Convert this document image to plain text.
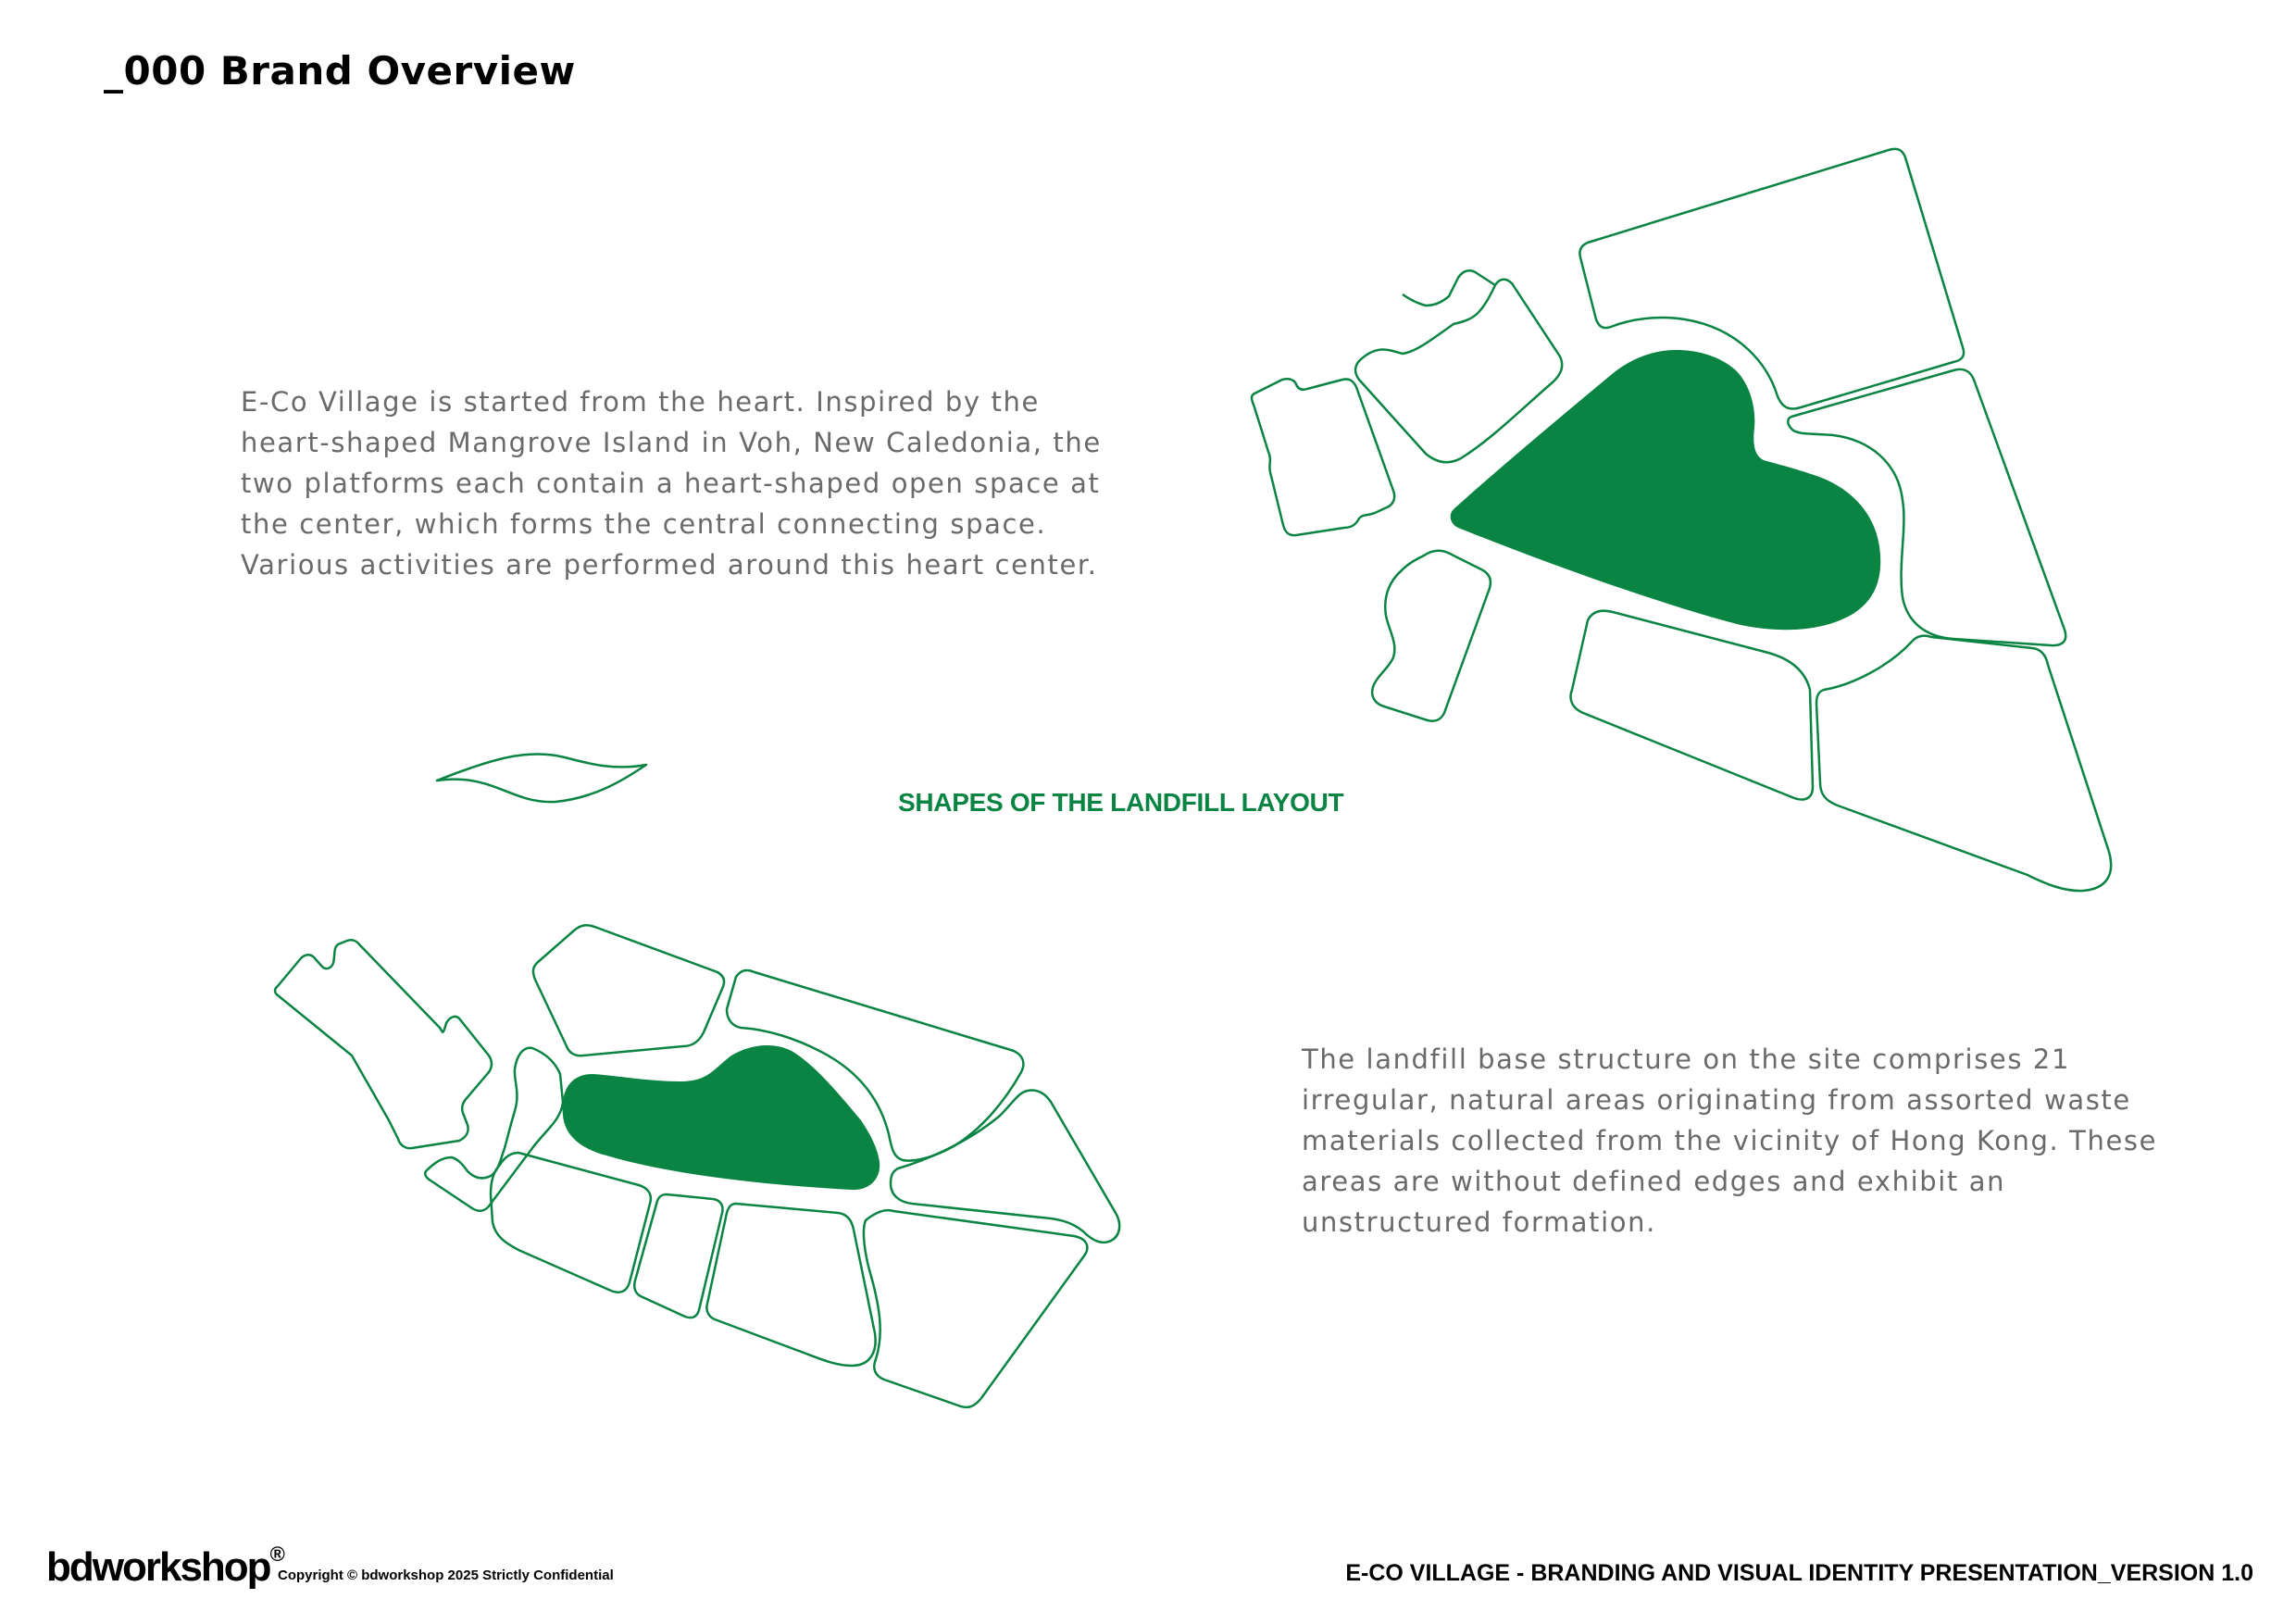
_000 Brand Overview
E-Co Village is started from the heart. Inspired by the
heart-shaped Mangrove Island in Voh, New Caledonia, the
two platforms each contain a heart-shaped open space at
the center, which forms the central connecting space.
Various activities are performed around this heart center.
SHAPES OF THE LANDFILL LAYOUT
The landfill base structure on the site comprises 21
irregular, natural areas originating from assorted waste
materials collected from the vicinity of Hong Kong. These
areas are without defined edges and exhibit an
unstructured formation.
bdworkshop®
Copyright © bdworkshop 2025 Strictly Confidential	E-CO VILLAGE - BRANDING AND VISUAL IDENTITY PRESENTATION_VERSION 1.0
